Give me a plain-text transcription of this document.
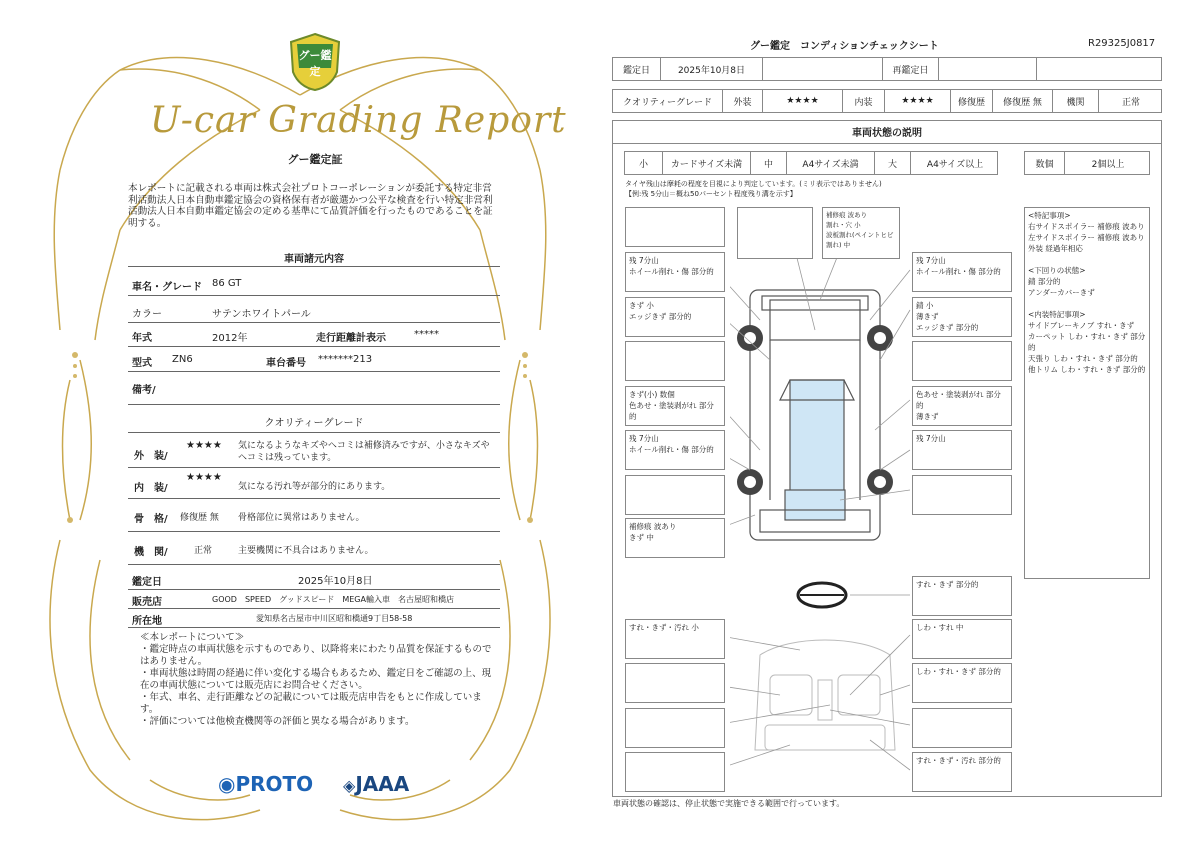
グー鑑定
U-car Grading Report
グー鑑定証
本レポートに記載される車両は株式会社プロトコーポレーションが委託する特定非営利活動法人日本自動車鑑定協会の資格保有者が厳選かつ公平な検査を行い特定非営利活動法人日本自動車鑑定協会の定める基準にて品質評価を行ったものであることを証明する。
車両諸元内容
車名・グレード 86 GT
カラー	サテンホワイトパール
年式	2012年	走行距離計表示	*****
型式 ZN6	車台番号 *******213
備考/
クオリティーグレード
外　装/
★★★★ 気になるようなキズやヘコミは補修済みですが、小さなキズやヘコミは残っています。
内　装/
★★★★
気になる汚れ等が部分的にあります。
骨　格/ 修復歴 無 骨格部位に異常はありません。
機　関/	正常	主要機関に不具合はありません。
鑑定日	2025年10月8日
販売店	GOOD　SPEED　グッドスピード　MEGA輸入車　名古屋昭和橋店
所在地	愛知県名古屋市中川区昭和橋通9丁目58-58
≪本レポートについて≫
・鑑定時点の車両状態を示すものであり、以降将来にわたり品質を保証するものではありません。
・車両状態は時間の経過に伴い変化する場合もあるため、鑑定日をご確認の上、現在の車両状態については販売店にお問合せください。
・年式、車名、走行距離などの記載については販売店申告をもとに作成しています。
・評価については他検査機関等の評価と異なる場合があります。
◉PROTO ◈JAAA
グー鑑定　コンディションチェックシート	R29325J0817
鑑定日	2025年10月8日	再鑑定日
クオリティーグレード	外装	★★★★	内装	★★★★	修復歴	修復歴 無	機関	正常
車両状態の説明
小	カードサイズ未満	中	A4サイズ未満	大	A4サイズ以上	数個	2個以上
タイヤ残山は摩耗の程度を目視により判定しています。(ミリ表示ではありません)
【例:残 5分山＝概ね50パーセント程度残り溝を示す】
残 7分山
ホイール削れ・傷 部分的
きず 小
エッジきず 部分的
きず(小) 数個
色あせ・塗装剥がれ 部分的
残 7分山
ホイール削れ・傷 部分的
補修痕 波あり
きず 中
補修痕 波あり
割れ・穴 小
波板割れ(ペイントヒビ割れ) 中
残 7分山
ホイール削れ・傷 部分的
錆 小
薄きず
エッジきず 部分的
色あせ・塗装剥がれ 部分的
薄きず
残 7分山
<特記事項>
右サイドスポイラー 補修痕 波あり
左サイドスポイラー 補修痕 波あり
外装 経過年相応

<下回りの状態>
錆 部分的
アンダーカバーきず

<内装特記事項>
サイドブレーキノブ すれ・きず
カーペット しわ・すれ・きず 部分的
天張り しわ・すれ・きず 部分的
他トリム しわ・すれ・きず 部分的
すれ・きず 部分的
すれ・きず・汚れ 小	しわ・すれ 中
しわ・すれ・きず 部分的
すれ・きず・汚れ 部分的
車両状態の確認は、停止状態で実施できる範囲で行っています。
